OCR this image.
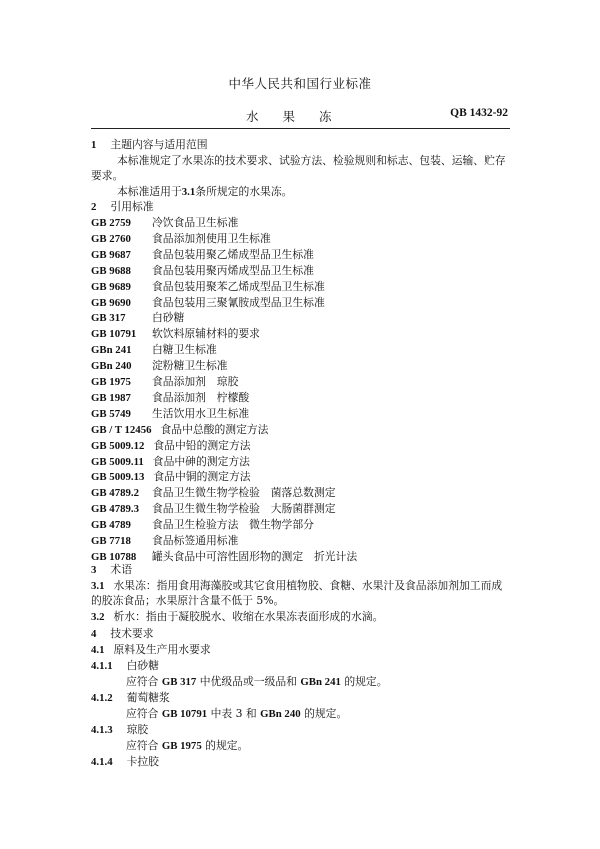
中华人民共和国行业标准
水 果 冻	QB 1432-92
1 主题内容与适用范围
本标准规定了水果冻的技术要求、试验方法、检验规则和标志、包装、运输、贮存
要求。
本标准适用于3.1条所规定的水果冻。
2 引用标准
GB 2759 冷饮食品卫生标准
GB 2760 食品添加剂使用卫生标准
GB 9687 食品包装用聚乙烯成型品卫生标准
GB 9688 食品包装用聚丙烯成型品卫生标准
GB 9689 食品包装用聚苯乙烯成型品卫生标准
GB 9690 食品包装用三聚氰胺成型品卫生标准
GB 317 白砂糖
GB 10791 软饮料原辅材料的要求
GBn 241 白糖卫生标准
GBn 240 淀粉糖卫生标准
GB 1975 食品添加剂　琼胶
GB 1987 食品添加剂　柠檬酸
GB 5749 生活饮用水卫生标准
GB / T 12456 食品中总酸的测定方法
GB 5009.12 食品中铅的测定方法
GB 5009.11 食品中砷的测定方法
GB 5009.13 食品中铜的测定方法
GB 4789.2 食品卫生微生物学检验　菌落总数测定
GB 4789.3 食品卫生微生物学检验　大肠菌群测定
GB 4789 食品卫生检验方法　微生物学部分
GB 7718 食品标签通用标准
GB 10788 罐头食品中可溶性固形物的测定　折光计法
3 术语
3.1 水果冻：指用食用海藻胶或其它食用植物胶、食糖、水果汁及食品添加剂加工而成
的胶冻食品；水果原汁含量不低于 5%。
3.2 析水：指由于凝胶脱水、收缩在水果冻表面形成的水滴。
4 技术要求
4.1 原料及生产用水要求
4.1.1 白砂糖
应符合 GB 317 中优级品或一级品和 GBn 241 的规定。
4.1.2 葡萄糖浆
应符合 GB 10791 中表 3 和 GBn 240 的规定。
4.1.3 琼胶
应符合 GB 1975 的规定。
4.1.4 卡拉胶
